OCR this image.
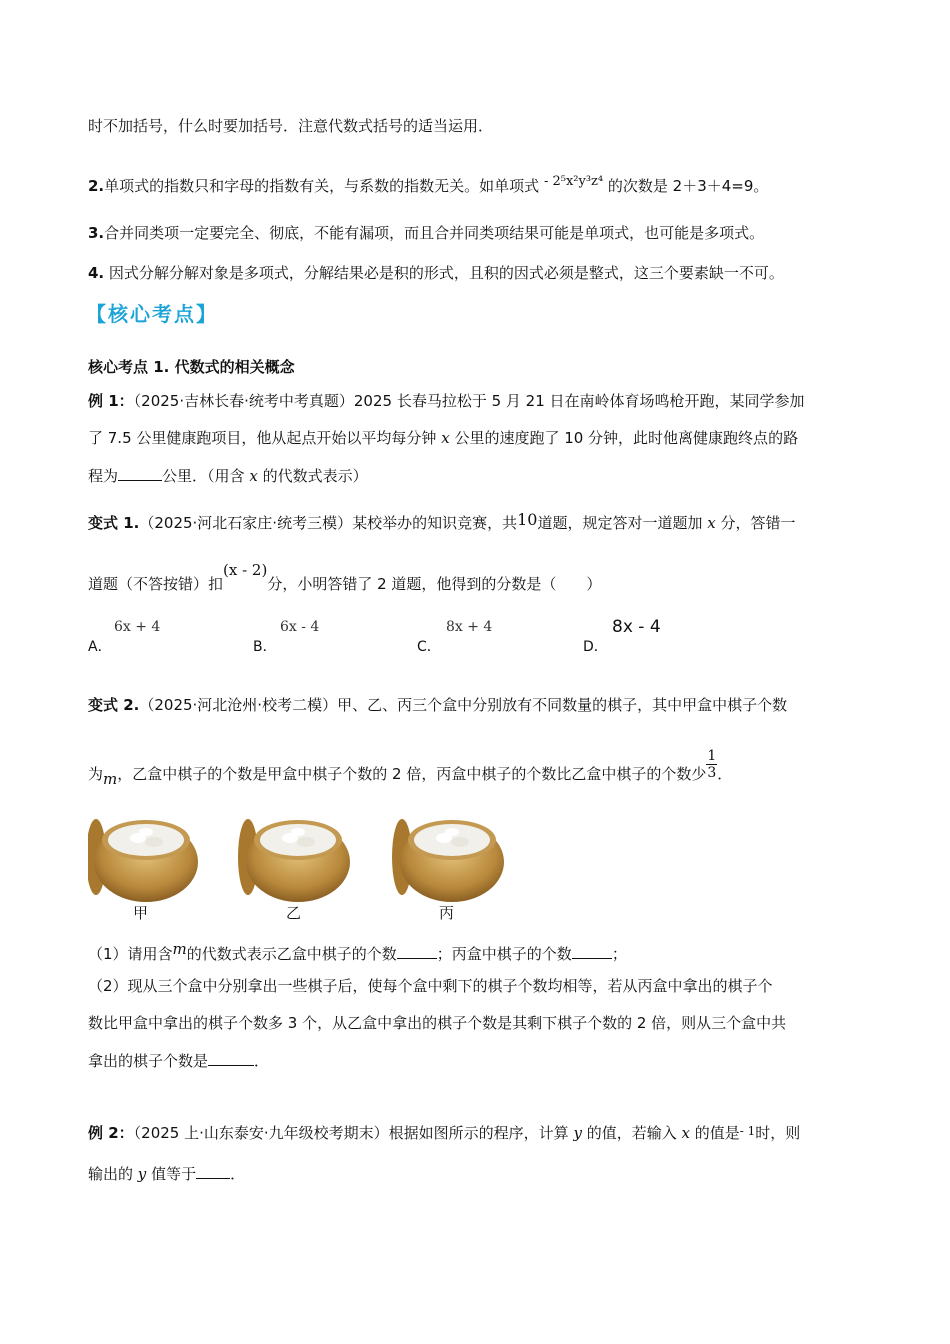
时不加括号，什么时要加括号．注意代数式括号的适当运用．
2.单项式的指数只和字母的指数有关，与系数的指数无关。如单项式 - 2⁵x²y³z⁴ 的次数是 2＋3＋4=9。
3.合并同类项一定要完全、彻底，不能有漏项，而且合并同类项结果可能是单项式，也可能是多项式。
4. 因式分解分解对象是多项式，分解结果必是积的形式，且积的因式必须是整式，这三个要素缺一不可。
【核心考点】
核心考点 1. 代数式的相关概念
例 1：（2025·吉林长春·统考中考真题）2025 长春马拉松于 5 月 21 日在南岭体育场鸣枪开跑，某同学参加
了 7.5 公里健康跑项目，他从起点开始以平均每分钟 x 公里的速度跑了 10 分钟，此时他离健康跑终点的路
程为	公里．（用含 x 的代数式表示）
变式 1.（2025·河北石家庄·统考三模）某校举办的知识竞赛，共10道题，规定答对一道题加 x 分，答错一
道题（不答按错）扣(x - 2)分，小明答错了 2 道题，他得到的分数是（　　）
A．
6x + 4
B．
6x - 4
C．
8x + 4
D．
8x - 4
变式 2.（2025·河北沧州·校考二模）甲、乙、丙三个盒中分别放有不同数量的棋子，其中甲盒中棋子个数
为m，乙盒中棋子的个数是甲盒中棋子个数的 2 倍，丙盒中棋子的个数比乙盒中棋子的个数少 $\frac{1}{3}$ ．
甲	乙	丙
（1）请用含m的代数式表示乙盒中棋子的个数	；丙盒中棋子的个数	；
（2）现从三个盒中分别拿出一些棋子后，使每个盒中剩下的棋子个数均相等，若从丙盒中拿出的棋子个
数比甲盒中拿出的棋子个数多 3 个，从乙盒中拿出的棋子个数是其剩下棋子个数的 2 倍，则从三个盒中共
拿出的棋子个数是	．
例 2：（2025 上·山东泰安·九年级校考期末）根据如图所示的程序，计算 y 的值，若输入 x 的值是$^{- 1}$时，则
输出的 y 值等于 ．
